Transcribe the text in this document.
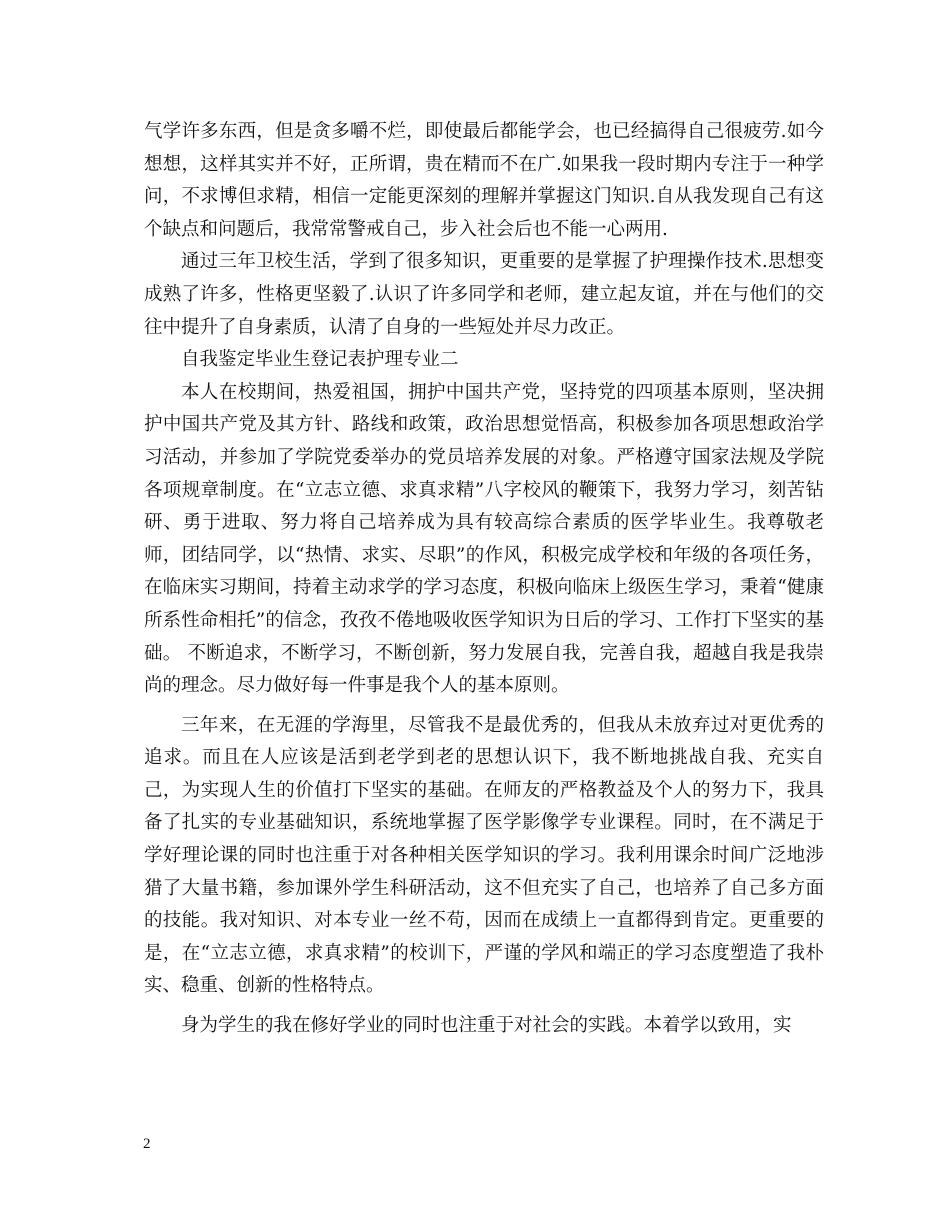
气学许多东西，但是贪多嚼不烂，即使最后都能学会，也已经搞得自己很疲劳.如今想想，这样其实并不好，正所谓，贵在精而不在广.如果我一段时期内专注于一种学问，不求博但求精，相信一定能更深刻的理解并掌握这门知识.自从我发现自己有这个缺点和问题后，我常常警戒自己，步入社会后也不能一心两用.

通过三年卫校生活，学到了很多知识，更重要的是掌握了护理操作技术.思想变成熟了许多，性格更坚毅了.认识了许多同学和老师，建立起友谊，并在与他们的交往中提升了自身素质，认清了自身的一些短处并尽力改正。

自我鉴定毕业生登记表护理专业二

本人在校期间，热爱祖国，拥护中国共产党，坚持党的四项基本原则，坚决拥护中国共产党及其方针、路线和政策，政治思想觉悟高，积极参加各项思想政治学习活动，并参加了学院党委举办的党员培养发展的对象。严格遵守国家法规及学院各项规章制度。在“立志立德、求真求精”八字校风的鞭策下，我努力学习，刻苦钻研、勇于进取、努力将自己培养成为具有较高综合素质的医学毕业生。我尊敬老师，团结同学，以“热情、求实、尽职”的作风，积极完成学校和年级的各项任务，在临床实习期间，持着主动求学的学习态度，积极向临床上级医生学习，秉着“健康所系性命相托”的信念，孜孜不倦地吸收医学知识为日后的学习、工作打下坚实的基础。 不断追求，不断学习，不断创新，努力发展自我，完善自我，超越自我是我崇尚的理念。尽力做好每一件事是我个人的基本原则。

三年来，在无涯的学海里，尽管我不是最优秀的，但我从未放弃过对更优秀的追求。而且在人应该是活到老学到老的思想认识下，我不断地挑战自我、充实自己，为实现人生的价值打下坚实的基础。在师友的严格教益及个人的努力下，我具备了扎实的专业基础知识，系统地掌握了医学影像学专业课程。同时，在不满足于学好理论课的同时也注重于对各种相关医学知识的学习。我利用课余时间广泛地涉猎了大量书籍，参加课外学生科研活动，这不但充实了自己，也培养了自己多方面的技能。我对知识、对本专业一丝不苟，因而在成绩上一直都得到肯定。更重要的是，在“立志立德，求真求精”的校训下，严谨的学风和端正的学习态度塑造了我朴实、稳重、创新的性格特点。

身为学生的我在修好学业的同时也注重于对社会的实践。本着学以致用，实

2
